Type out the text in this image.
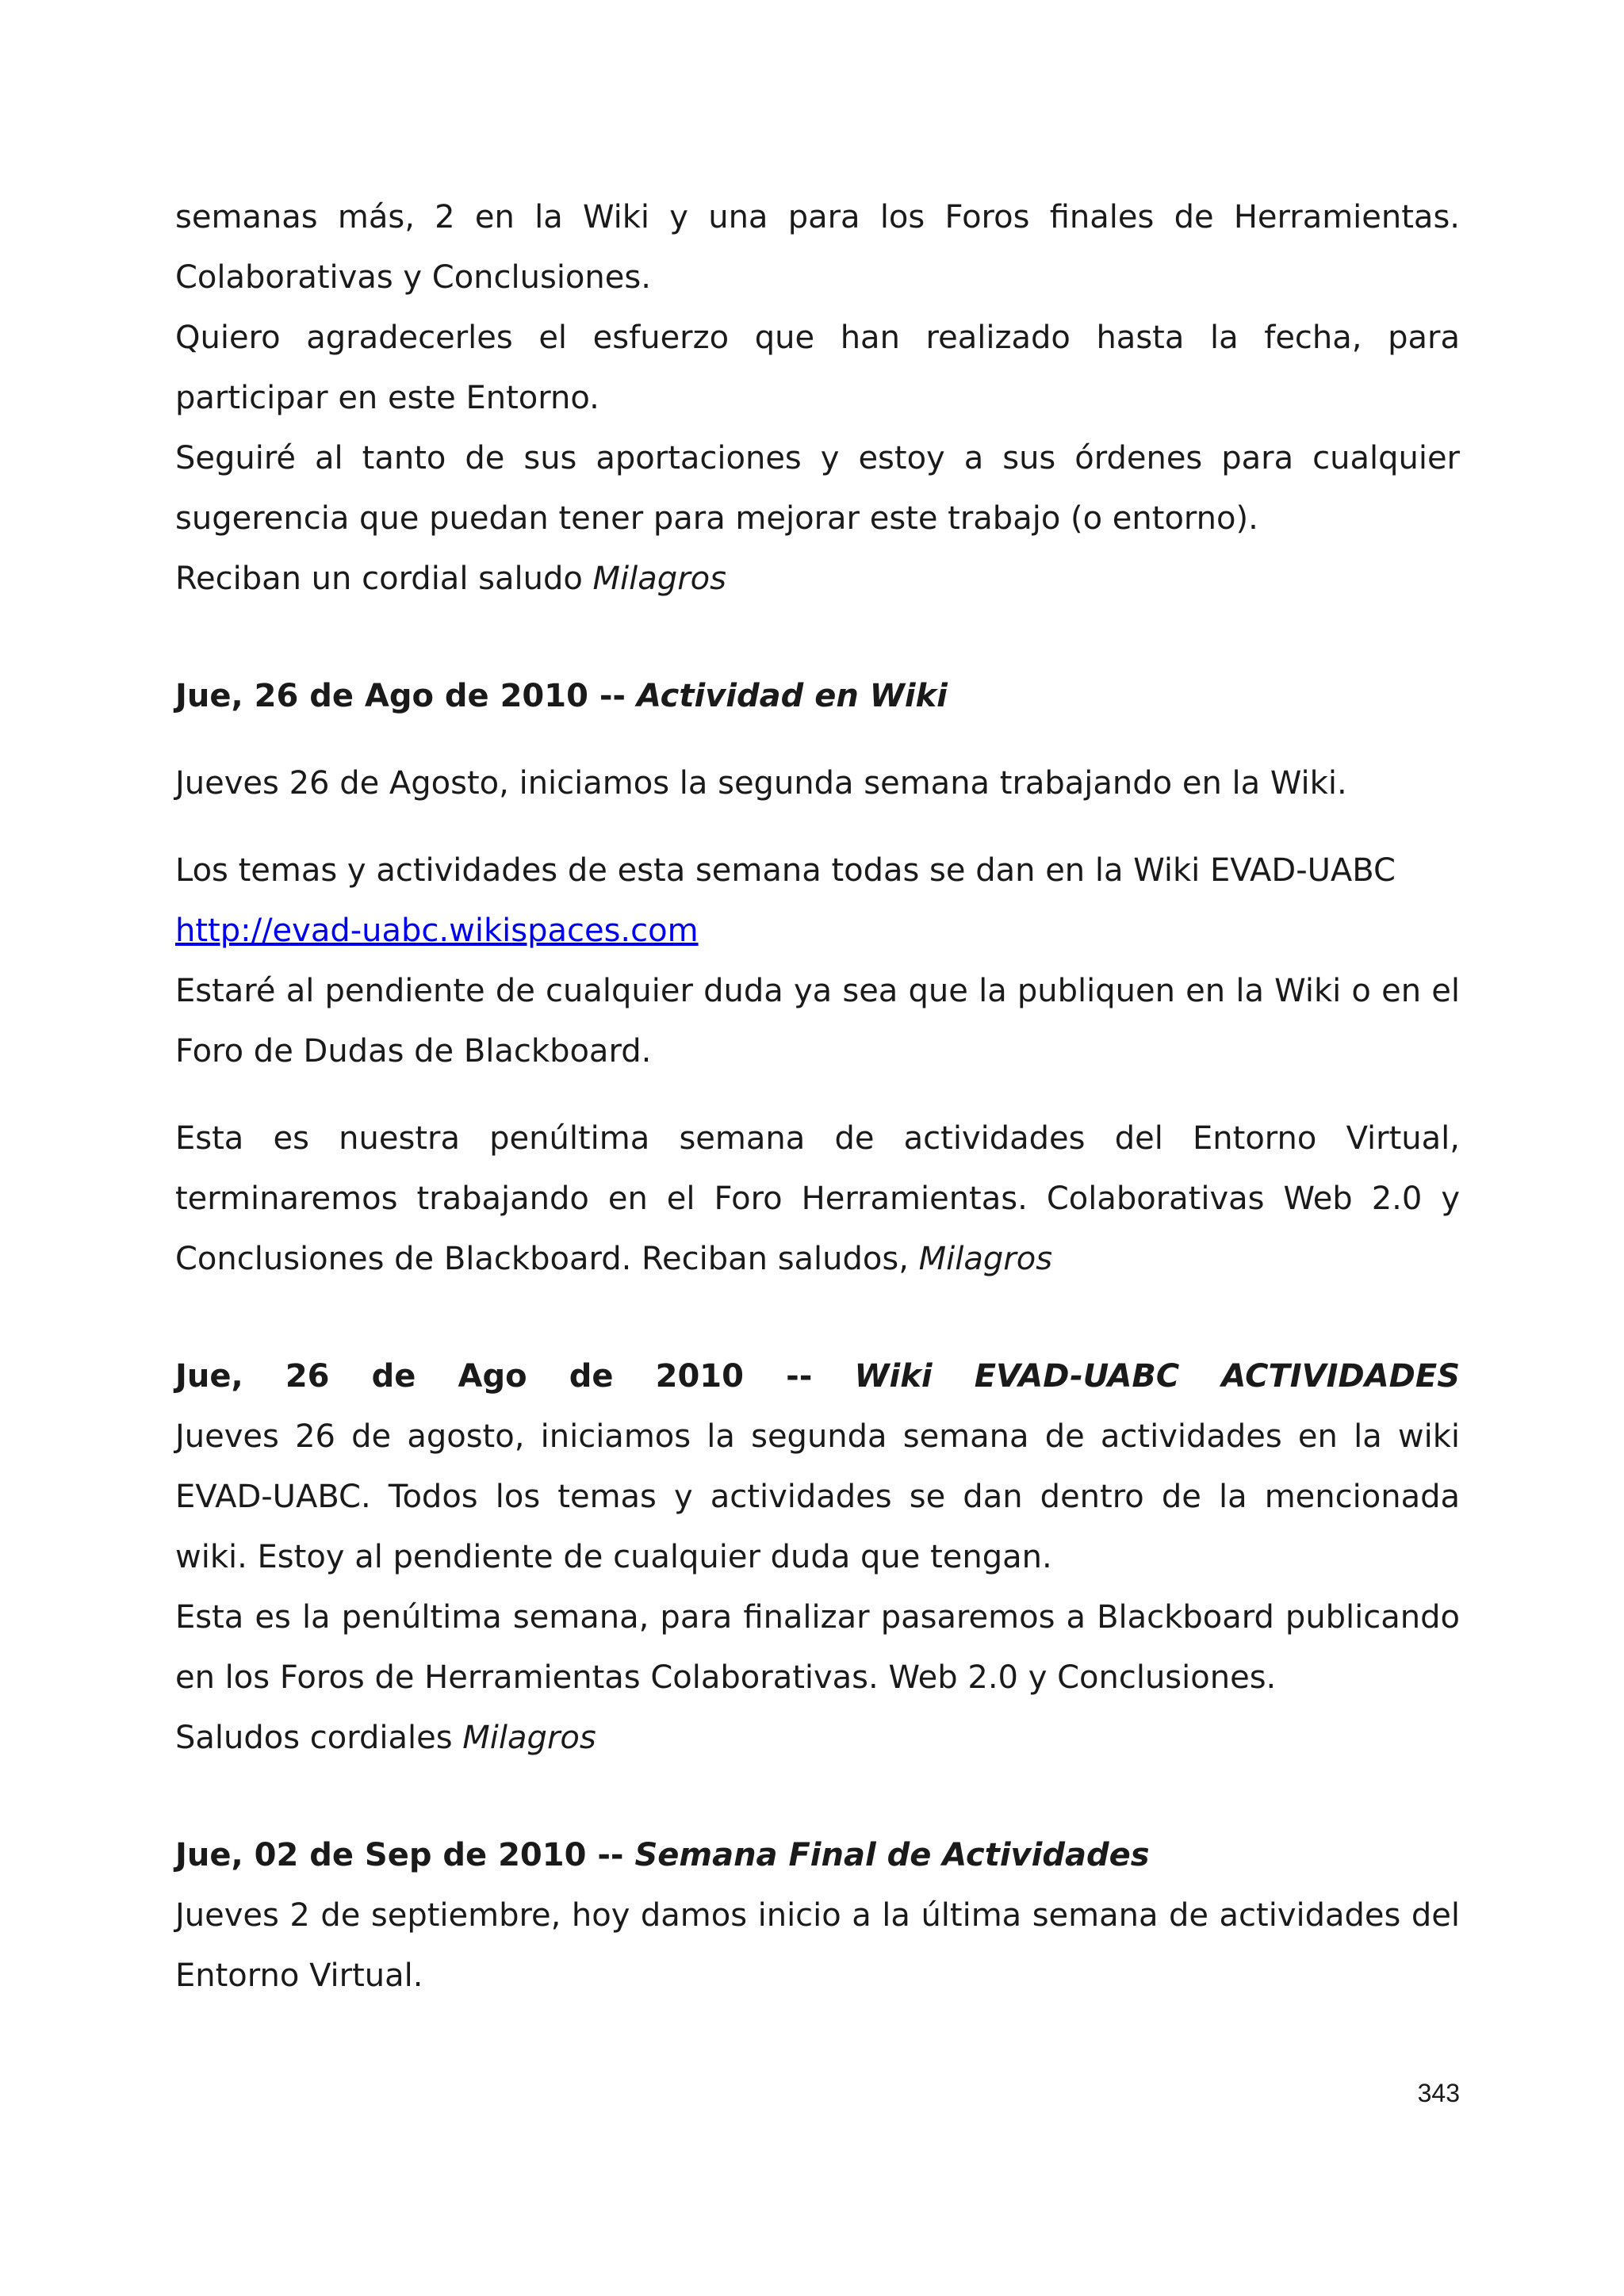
semanas más, 2 en la Wiki y una para los Foros finales de Herramientas.

Colaborativas y Conclusiones.

Quiero agradecerles el esfuerzo que han realizado hasta la fecha, para participar en este Entorno.

Seguiré al tanto de sus aportaciones y estoy a sus órdenes para cualquier sugerencia que puedan tener para mejorar este trabajo (o entorno).

Reciban un cordial saludo Milagros

Jue, 26 de Ago de 2010 -- Actividad en Wiki

Jueves 26 de Agosto, iniciamos la segunda semana trabajando en la Wiki.

Los temas y actividades de esta semana todas se dan en la Wiki EVAD-UABC

http://evad-uabc.wikispaces.com

Estaré al pendiente de cualquier duda ya sea que la publiquen en la Wiki o en el Foro de Dudas de Blackboard.

Esta es nuestra penúltima semana de actividades del Entorno Virtual, terminaremos trabajando en el Foro Herramientas. Colaborativas Web 2.0 y Conclusiones de Blackboard. Reciban saludos, Milagros

Jue, 26 de Ago de 2010 -- Wiki EVAD-UABC ACTIVIDADES

Jueves 26 de agosto, iniciamos la segunda semana de actividades en la wiki EVAD-UABC. Todos los temas y actividades se dan dentro de la mencionada wiki. Estoy al pendiente de cualquier duda que tengan.

Esta es la penúltima semana, para finalizar pasaremos a Blackboard publicando en los Foros de Herramientas Colaborativas. Web 2.0 y Conclusiones.

Saludos cordiales Milagros

Jue, 02 de Sep de 2010 -- Semana Final de Actividades

Jueves 2 de septiembre, hoy damos inicio a la última semana de actividades del Entorno Virtual.

343
